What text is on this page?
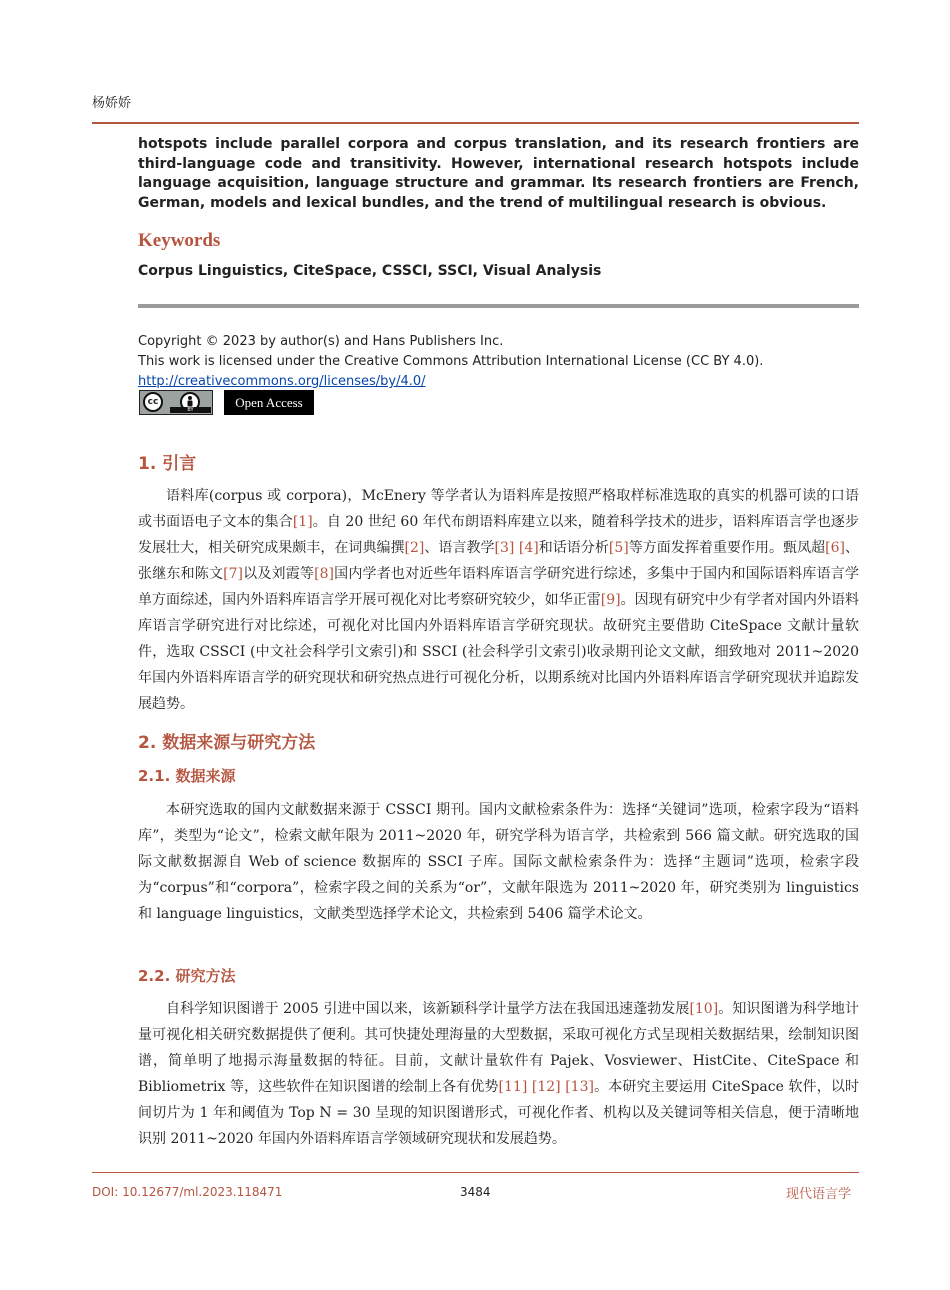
杨娇娇
hotspots include parallel corpora and corpus translation, and its research frontiers are third-language code and transitivity. However, international research hotspots include language acquisition, language structure and grammar. Its research frontiers are French, German, models and lexical bundles, and the trend of multilingual research is obvious.
Keywords
Corpus Linguistics, CiteSpace, CSSCI, SSCI, Visual Analysis
Copyright © 2023 by author(s) and Hans Publishers Inc.
This work is licensed under the Creative Commons Attribution International License (CC BY 4.0).
http://creativecommons.org/licenses/by/4.0/
cc
BY	Open Access
1. 引言
语料库(corpus 或 corpora)，McEnery 等学者认为语料库是按照严格取样标准选取的真实的机器可读的口语或书面语电子文本的集合[1]。自 20 世纪 60 年代布朗语料库建立以来，随着科学技术的进步，语料库语言学也逐步发展壮大，相关研究成果颇丰，在词典编撰[2]、语言教学[3] [4]和话语分析[5]等方面发挥着重要作用。甄凤超[6]、张继东和陈文[7]以及刘霞等[8]国内学者也对近些年语料库语言学研究进行综述，多集中于国内和国际语料库语言学单方面综述，国内外语料库语言学开展可视化对比考察研究较少，如华正雷[9]。因现有研究中少有学者对国内外语料库语言学研究进行对比综述，可视化对比国内外语料库语言学研究现状。故研究主要借助 CiteSpace 文献计量软件，选取 CSSCI (中文社会科学引文索引)和 SSCI (社会科学引文索引)收录期刊论文文献，细致地对 2011~2020 年国内外语料库语言学的研究现状和研究热点进行可视化分析，以期系统对比国内外语料库语言学研究现状并追踪发展趋势。
2. 数据来源与研究方法
2.1. 数据来源
本研究选取的国内文献数据来源于 CSSCI 期刊。国内文献检索条件为：选择“关键词”选项，检索字段为“语料库”，类型为“论文”，检索文献年限为 2011~2020 年，研究学科为语言学，共检索到 566 篇文献。研究选取的国际文献数据源自 Web of science 数据库的 SSCI 子库。国际文献检索条件为：选择“主题词”选项，检索字段为“corpus”和“corpora”，检索字段之间的关系为“or”，文献年限选为 2011~2020 年，研究类别为 linguistics 和 language linguistics，文献类型选择学术论文，共检索到 5406 篇学术论文。
2.2. 研究方法
自科学知识图谱于 2005 引进中国以来，该新颖科学计量学方法在我国迅速蓬勃发展[10]。知识图谱为科学地计量可视化相关研究数据提供了便利。其可快捷处理海量的大型数据，采取可视化方式呈现相关数据结果，绘制知识图谱，简单明了地揭示海量数据的特征。目前，文献计量软件有 Pajek、Vosviewer、HistCite、CiteSpace 和 Bibliometrix 等，这些软件在知识图谱的绘制上各有优势[11] [12] [13]。本研究主要运用 CiteSpace 软件，以时间切片为 1 年和阈值为 Top N = 30 呈现的知识图谱形式，可视化作者、机构以及关键词等相关信息，便于清晰地识别 2011~2020 年国内外语料库语言学领域研究现状和发展趋势。
DOI: 10.12677/ml.2023.118471	3484	现代语言学
